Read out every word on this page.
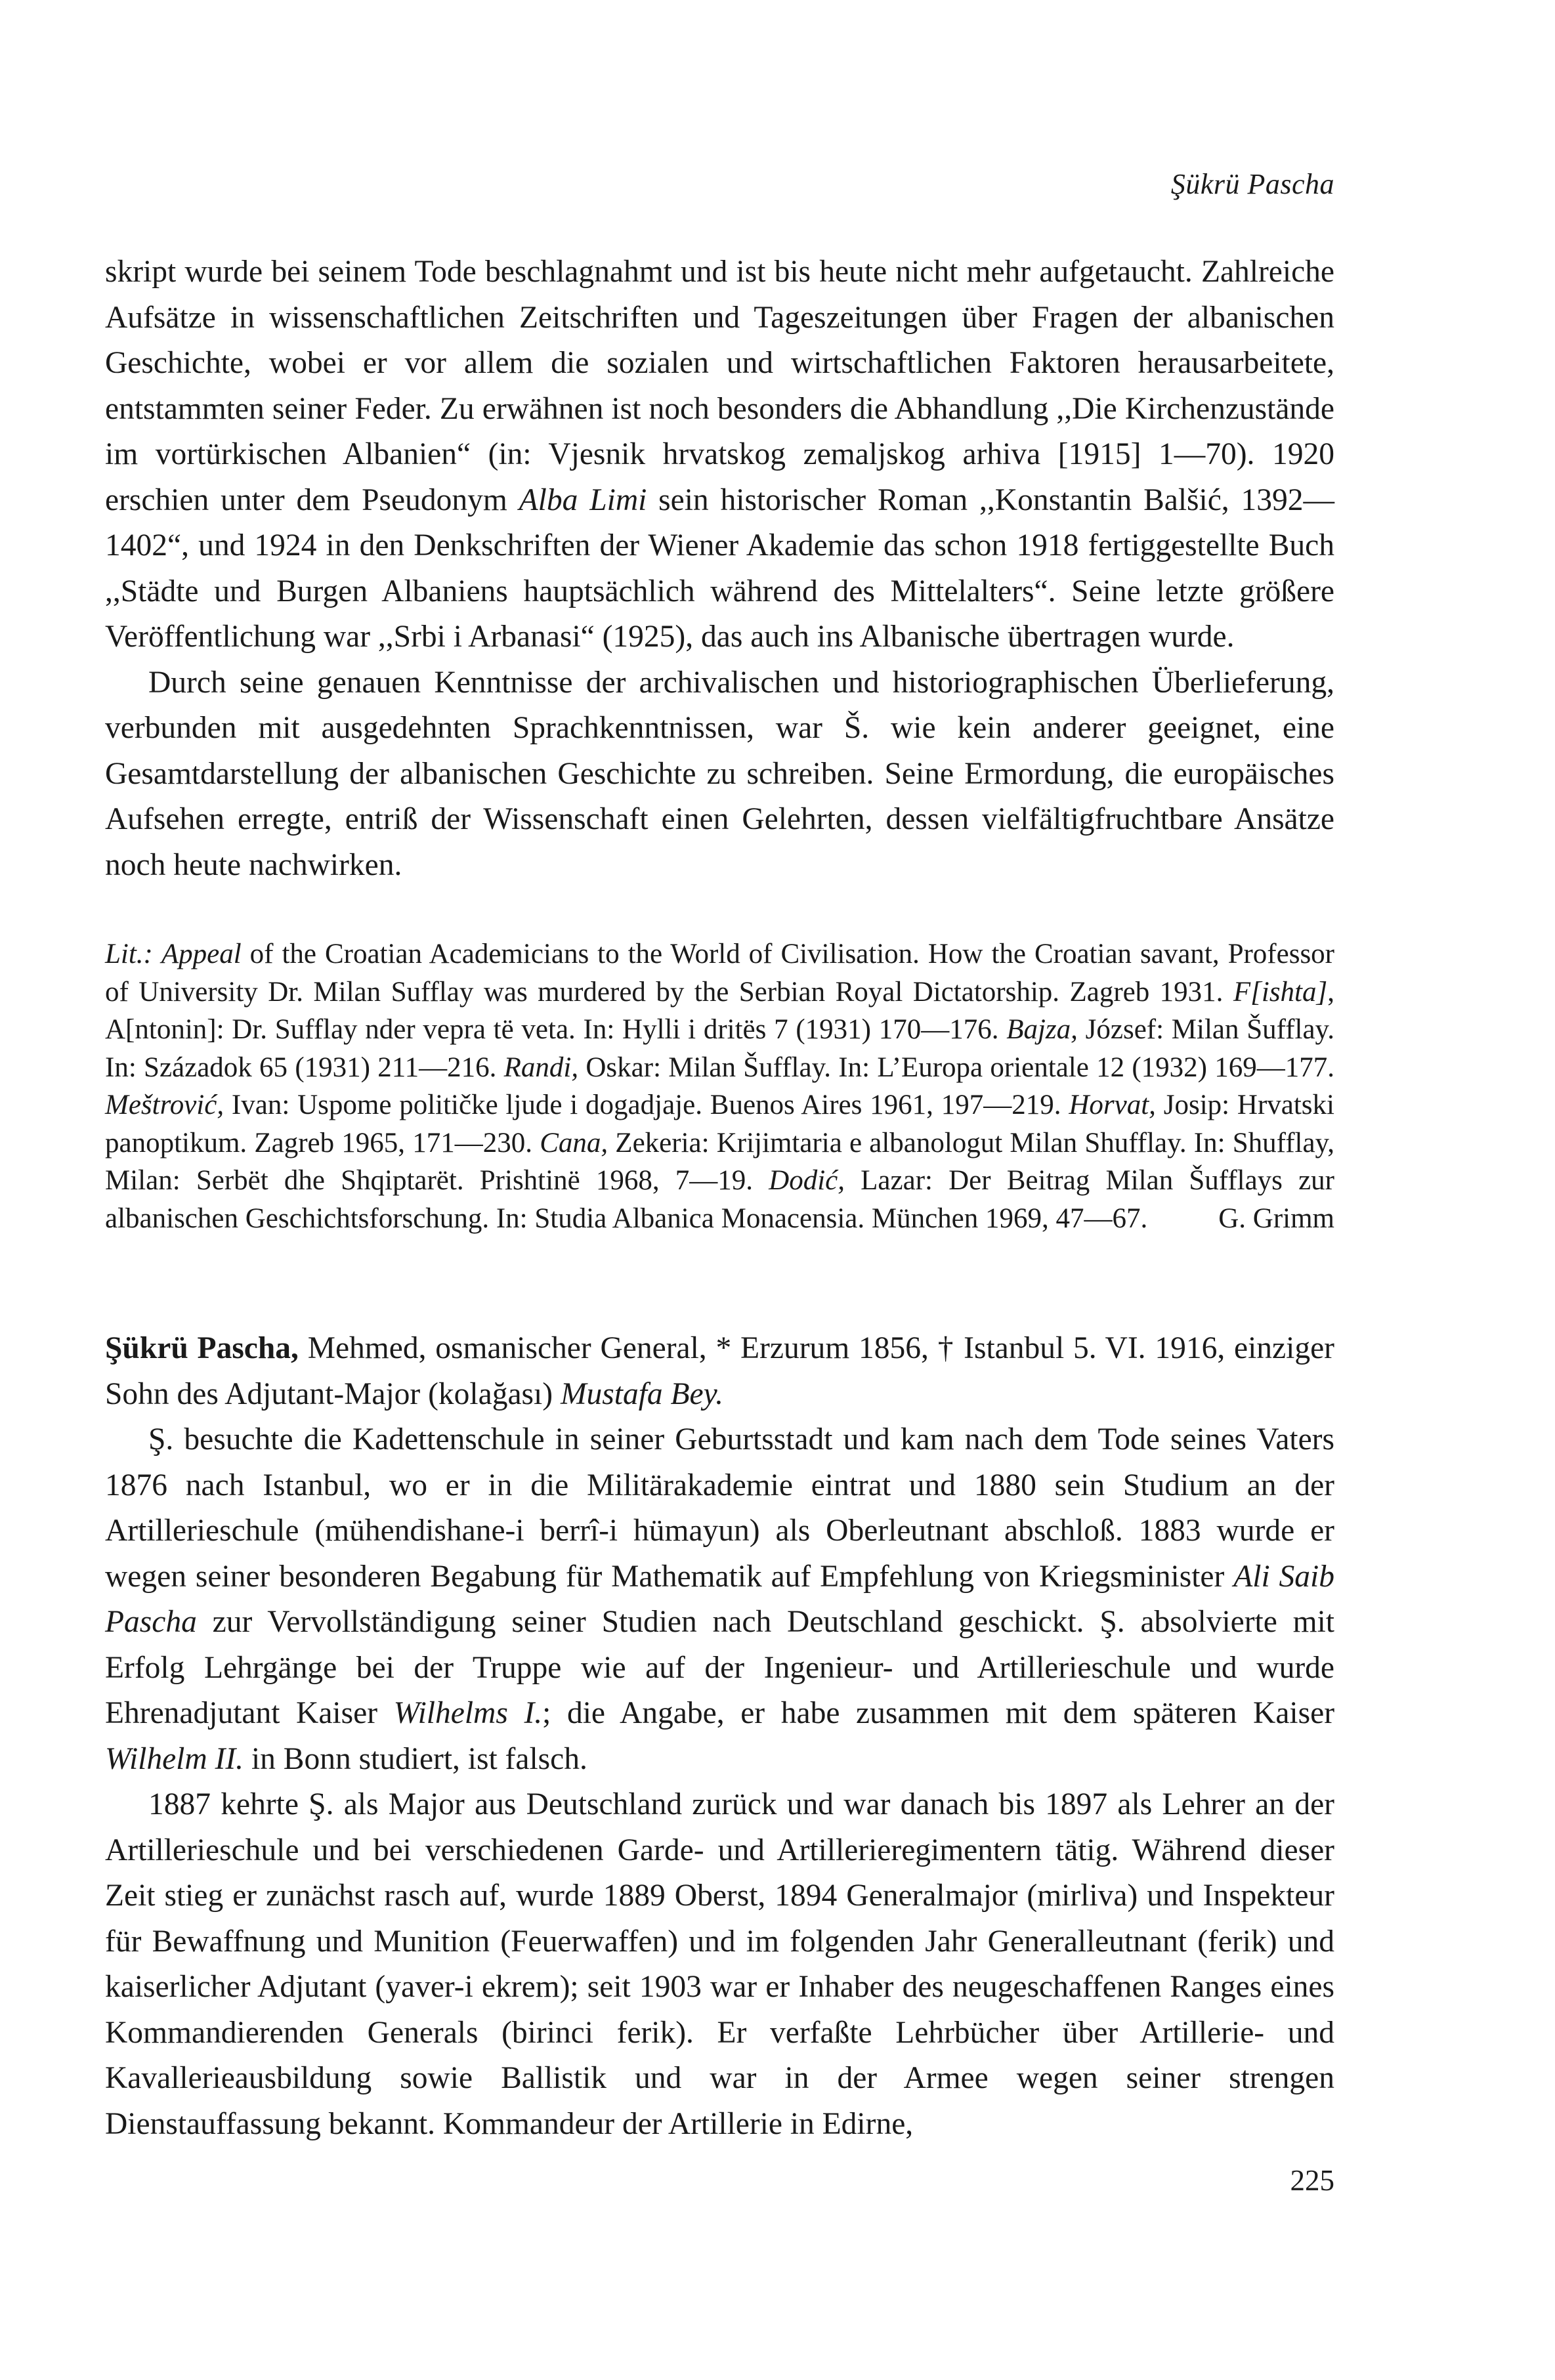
Şükrü Pascha

skript wurde bei seinem Tode beschlagnahmt und ist bis heute nicht mehr aufgetaucht. Zahlreiche Aufsätze in wissenschaftlichen Zeitschriften und Tageszeitungen über Fragen der albanischen Geschichte, wobei er vor allem die sozialen und wirtschaftlichen Faktoren herausarbeitete, entstammten seiner Feder. Zu erwähnen ist noch besonders die Abhandlung ,,Die Kirchenzustände im vortürkischen Albanien“ (in: Vjesnik hrvatskog zemaljskog arhiva [1915] 1—70). 1920 erschien unter dem Pseudonym Alba Limi sein historischer Roman ,,Konstantin Balšić, 1392—1402“, und 1924 in den Denkschriften der Wiener Akademie das schon 1918 fertiggestellte Buch ,,Städte und Burgen Albaniens hauptsächlich während des Mittelalters“. Seine letzte größere Veröffentlichung war ,,Srbi i Arbanasi“ (1925), das auch ins Albanische übertragen wurde.

Durch seine genauen Kenntnisse der archivalischen und historiographischen Überlieferung, verbunden mit ausgedehnten Sprachkenntnissen, war Š. wie kein anderer geeignet, eine Gesamtdarstellung der albanischen Geschichte zu schreiben. Seine Ermordung, die europäisches Aufsehen erregte, entriß der Wissenschaft einen Gelehrten, dessen vielfältigfruchtbare Ansätze noch heute nachwirken.

Lit.: Appeal of the Croatian Academicians to the World of Civilisation. How the Croatian savant, Professor of University Dr. Milan Sufflay was murdered by the Serbian Royal Dictatorship. Zagreb 1931. F[ishta], A[ntonin]: Dr. Sufflay nder vepra të veta. In: Hylli i dritës 7 (1931) 170—176. Bajza, József: Milan Šufflay. In: Századok 65 (1931) 211—216. Randi, Oskar: Milan Šufflay. In: L’Europa orientale 12 (1932) 169—177. Meštrović, Ivan: Uspome političke ljude i dogadjaje. Buenos Aires 1961, 197—219. Horvat, Josip: Hrvatski panoptikum. Zagreb 1965, 171—230. Cana, Zekeria: Krijimtaria e albanologut Milan Shufflay. In: Shufflay, Milan: Serbët dhe Shqiptarët. Prishtinë 1968, 7—19. Dodić, Lazar: Der Beitrag Milan Šufflays zur albanischen Geschichtsforschung. In: Studia Albanica Monacensia. München 1969, 47—67.	G. Grimm

Şükrü Pascha, Mehmed, osmanischer General, * Erzurum 1856, † Istanbul 5. VI. 1916, einziger Sohn des Adjutant-Major (kolağası) Mustafa Bey.

Ş. besuchte die Kadettenschule in seiner Geburtsstadt und kam nach dem Tode seines Vaters 1876 nach Istanbul, wo er in die Militärakademie eintrat und 1880 sein Studium an der Artillerieschule (mühendishane-i berrî-i hümayun) als Oberleutnant abschloß. 1883 wurde er wegen seiner besonderen Begabung für Mathematik auf Empfehlung von Kriegsminister Ali Saib Pascha zur Vervollständigung seiner Studien nach Deutschland geschickt. Ş. absolvierte mit Erfolg Lehrgänge bei der Truppe wie auf der Ingenieur- und Artillerieschule und wurde Ehrenadjutant Kaiser Wilhelms I.; die Angabe, er habe zusammen mit dem späteren Kaiser Wilhelm II. in Bonn studiert, ist falsch.

1887 kehrte Ş. als Major aus Deutschland zurück und war danach bis 1897 als Lehrer an der Artillerieschule und bei verschiedenen Garde- und Artillerieregimentern tätig. Während dieser Zeit stieg er zunächst rasch auf, wurde 1889 Oberst, 1894 Generalmajor (mirliva) und Inspekteur für Bewaffnung und Munition (Feuerwaffen) und im folgenden Jahr Generalleutnant (ferik) und kaiserlicher Adjutant (yaver-i ekrem); seit 1903 war er Inhaber des neugeschaffenen Ranges eines Kommandierenden Generals (birinci ferik). Er verfaßte Lehrbücher über Artillerie- und Kavallerieausbildung sowie Ballistik und war in der Armee wegen seiner strengen Dienstauffassung bekannt. Kommandeur der Artillerie in Edirne,

225
